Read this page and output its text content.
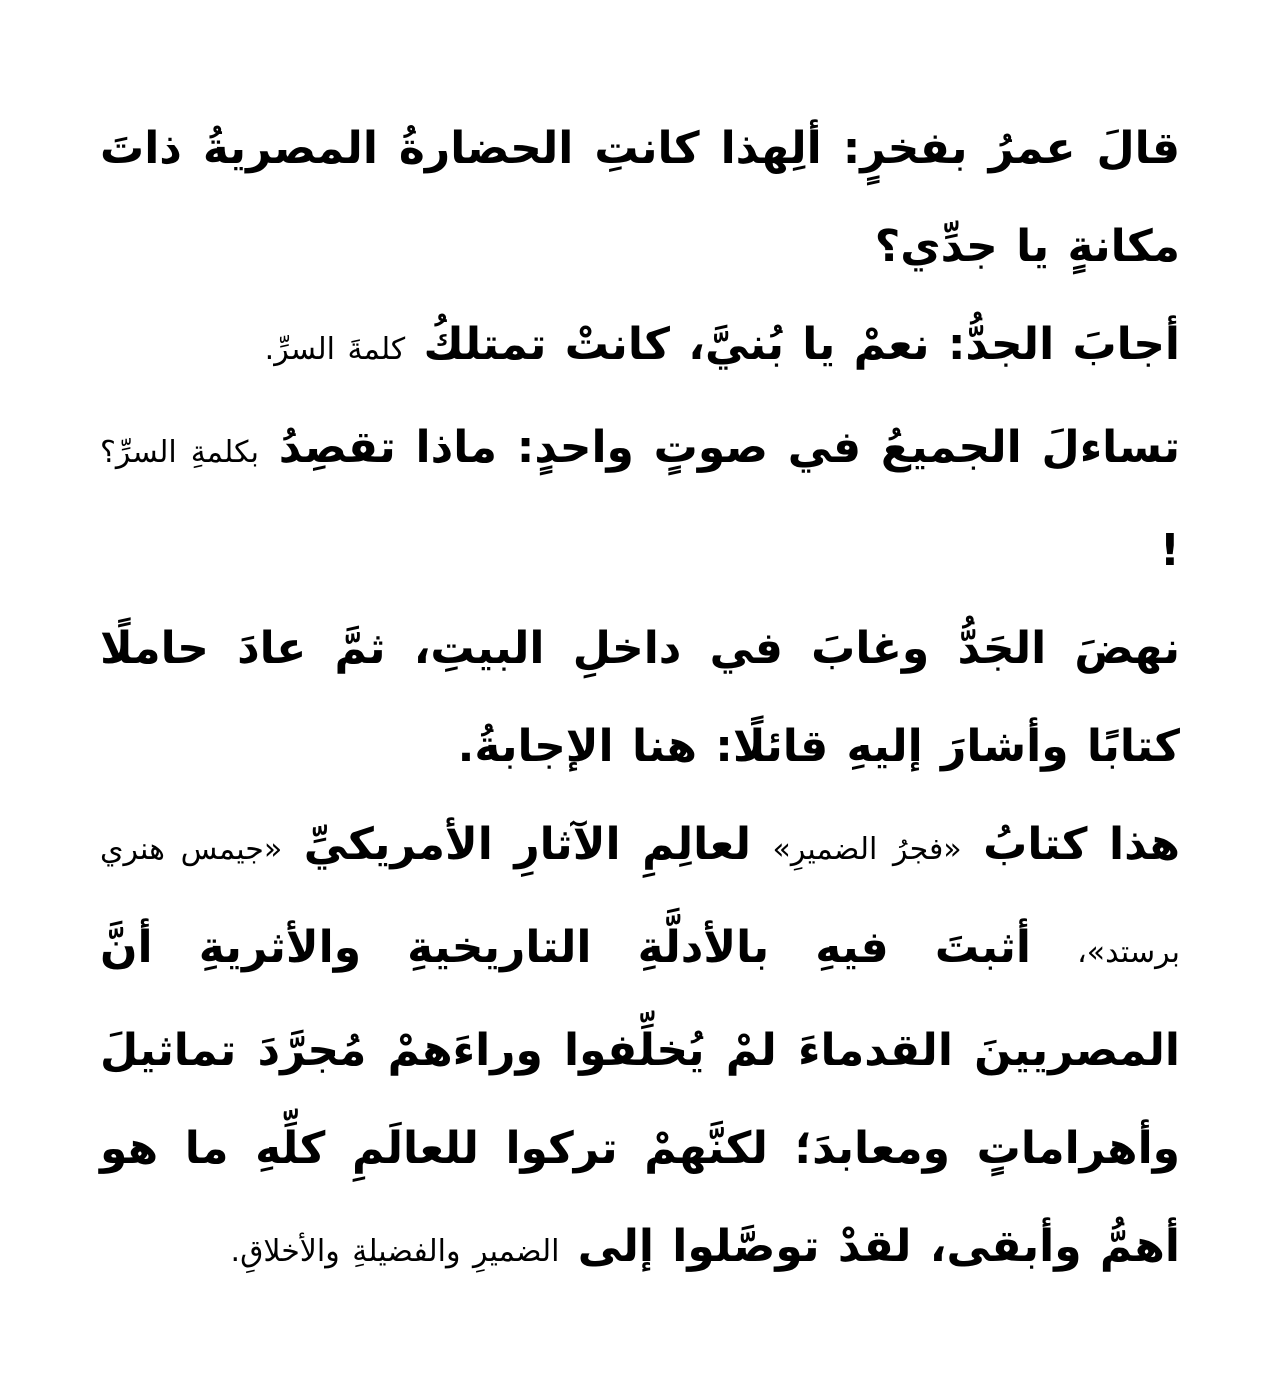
قالَ عمرُ بفخرٍ: ألِهذا كانتِ الحضارةُ المصريةُ ذاتَ مكانةٍ يا جدِّي؟

أجابَ الجدُّ: نعمْ يا بُنيَّ، كانتْ تمتلكُ كلمةَ السرِّ.

تساءلَ الجميعُ في صوتٍ واحدٍ: ماذا تقصِدُ بكلمةِ السرِّ؟ !

نهضَ الجَدُّ وغابَ في داخلِ البيتِ، ثمَّ عادَ حاملًا كتابًا وأشارَ إليهِ قائلًا: هنا الإجابةُ.

هذا كتابُ «فجرُ الضميرِ» لعالِمِ الآثارِ الأمريكيِّ «جيمس هنري برستد»، أثبتَ فيهِ بالأدلَّةِ التاريخيةِ والأثريةِ أنَّ المصريينَ القدماءَ لمْ يُخلِّفوا وراءَهمْ مُجرَّدَ تماثيلَ وأهراماتٍ ومعابدَ؛ لكنَّهمْ تركوا للعالَمِ كلِّهِ ما هو أهمُّ وأبقى، لقدْ توصَّلوا إلى الضميرِ والفضيلةِ والأخلاقِ.
